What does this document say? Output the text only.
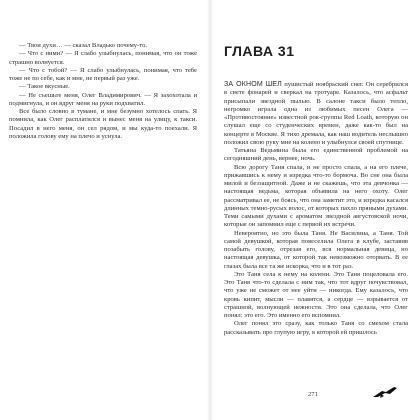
— Твои духи… — сказал Владько почему-то.

— Что с ними? — Я слабо улыбнулась, понимая, что он тоже страшно волнуется.

— Что с тобой? — Я слабо улыбнулась, понимая, что тебе тоже не по себе, как и мне, не первый раз уже.

— Такое вкусные.

— Не съешьте меня, Олег Владимирович. — Я захохотала и подмигнула, и он вдруг меня на руки подхватил.

Все было словно в тумане, и мне безумно хотелось спать. Я помнила, как Олег расплатился и вынес меня на улицу, к такси. Посадил в него меня, он сел рядом, и мы куда-то поехали. Я положила голову ему на плечо и уснула.

ГЛАВА 31

ЗА ОКНОМ ШЕЛ пушистый ноябрьский снег. Он серебрился в свете фонарей и сверкал на тротуаре. Казалось, что асфальт присыпали звездной пылью. В салоне такси было тепло, негромко играла одна из любимых песен Олега — «Противостояние» известной рок-группы Red Loath, которую он слушал еще со студенческих времен, даже как-то был на концерте в Москве. Я тихо дремала, как наш водитель неслышно положил свою руку мне на колено и улыбнулся своей спутнице.

Татьяна Ведьмина была его единственной проблемой на сегодняшний день, вернее, ночь.

Всю дорогу Таня спала, и не просто спала, а на его плече, прижавшись к нему и изредка что-то бормоча. Во сне она была милой и беззащитной. Даже и не скажешь, что эта девчонка — настоящая ведьма, которая объявила на него охоту. Олег рассматривал ее, не боясь, что она заметит это, и изредка касался длинных темно-русых волос, от которых пахло пряными духами. Теми самыми духами с ароматом звездной августовской ночи, которые он запомнил еще с первой их встречи.

Невероятно, но это была Таня. Не Василина, а Таня. Той самой девушкой, которая повеселила Олега в клубе, заставив позабыть голову, отрезая его, вся нормальная девица, но настоящая девушка, от которой так невозможно оторвать. В ее глазах была все та же искорка, что и в тот раз.

Это Таня села к нему на колени. Это Таня поцеловала его. Это Таня что-то сделала с ним так, что тот вдруг почувствовал, что уже не сможет от нее уйти — никогда. Ему казалось, что кровь кипит, мысли — плавятся, а сердце — взрывается от страшной, волнующей нежности. Это она сделала, что Олег понял: это его. Это именно его вспомнил.

Олег понял это сразу, как только Таня со смехом стала рассказывать про глупую игру, в которой ей пришлось

271
